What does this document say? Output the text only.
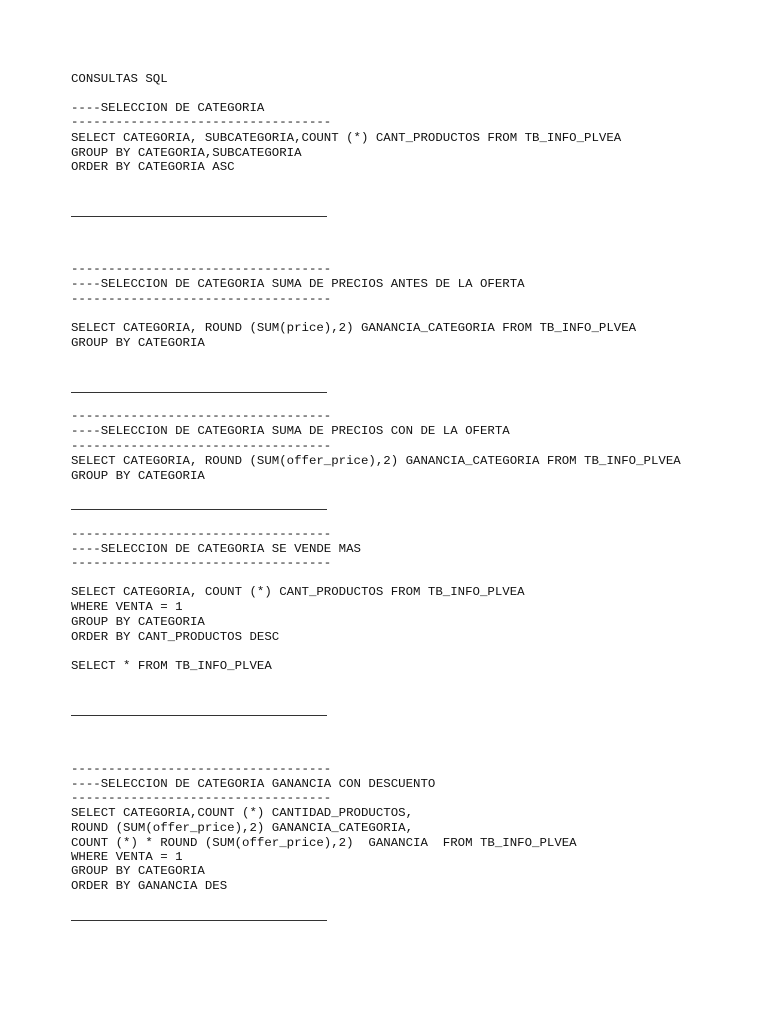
CONSULTAS SQL
----SELECCION DE CATEGORIA
-----------------------------------
SELECT CATEGORIA, SUBCATEGORIA,COUNT (*) CANT_PRODUCTOS FROM TB_INFO_PLVEA
GROUP BY CATEGORIA,SUBCATEGORIA
ORDER BY CATEGORIA ASC
-----------------------------------
----SELECCION DE CATEGORIA SUMA DE PRECIOS ANTES DE LA OFERTA
-----------------------------------
SELECT CATEGORIA, ROUND (SUM(price),2) GANANCIA_CATEGORIA FROM TB_INFO_PLVEA
GROUP BY CATEGORIA
-----------------------------------
----SELECCION DE CATEGORIA SUMA DE PRECIOS CON DE LA OFERTA
-----------------------------------
SELECT CATEGORIA, ROUND (SUM(offer_price),2) GANANCIA_CATEGORIA FROM TB_INFO_PLVEA
GROUP BY CATEGORIA
-----------------------------------
----SELECCION DE CATEGORIA SE VENDE MAS
-----------------------------------
SELECT CATEGORIA, COUNT (*) CANT_PRODUCTOS FROM TB_INFO_PLVEA
WHERE VENTA = 1
GROUP BY CATEGORIA
ORDER BY CANT_PRODUCTOS DESC
SELECT * FROM TB_INFO_PLVEA
-----------------------------------
----SELECCION DE CATEGORIA GANANCIA CON DESCUENTO
-----------------------------------
SELECT CATEGORIA,COUNT (*) CANTIDAD_PRODUCTOS,
ROUND (SUM(offer_price),2) GANANCIA_CATEGORIA,
COUNT (*) * ROUND (SUM(offer_price),2)  GANANCIA  FROM TB_INFO_PLVEA
WHERE VENTA = 1
GROUP BY CATEGORIA
ORDER BY GANANCIA DES
